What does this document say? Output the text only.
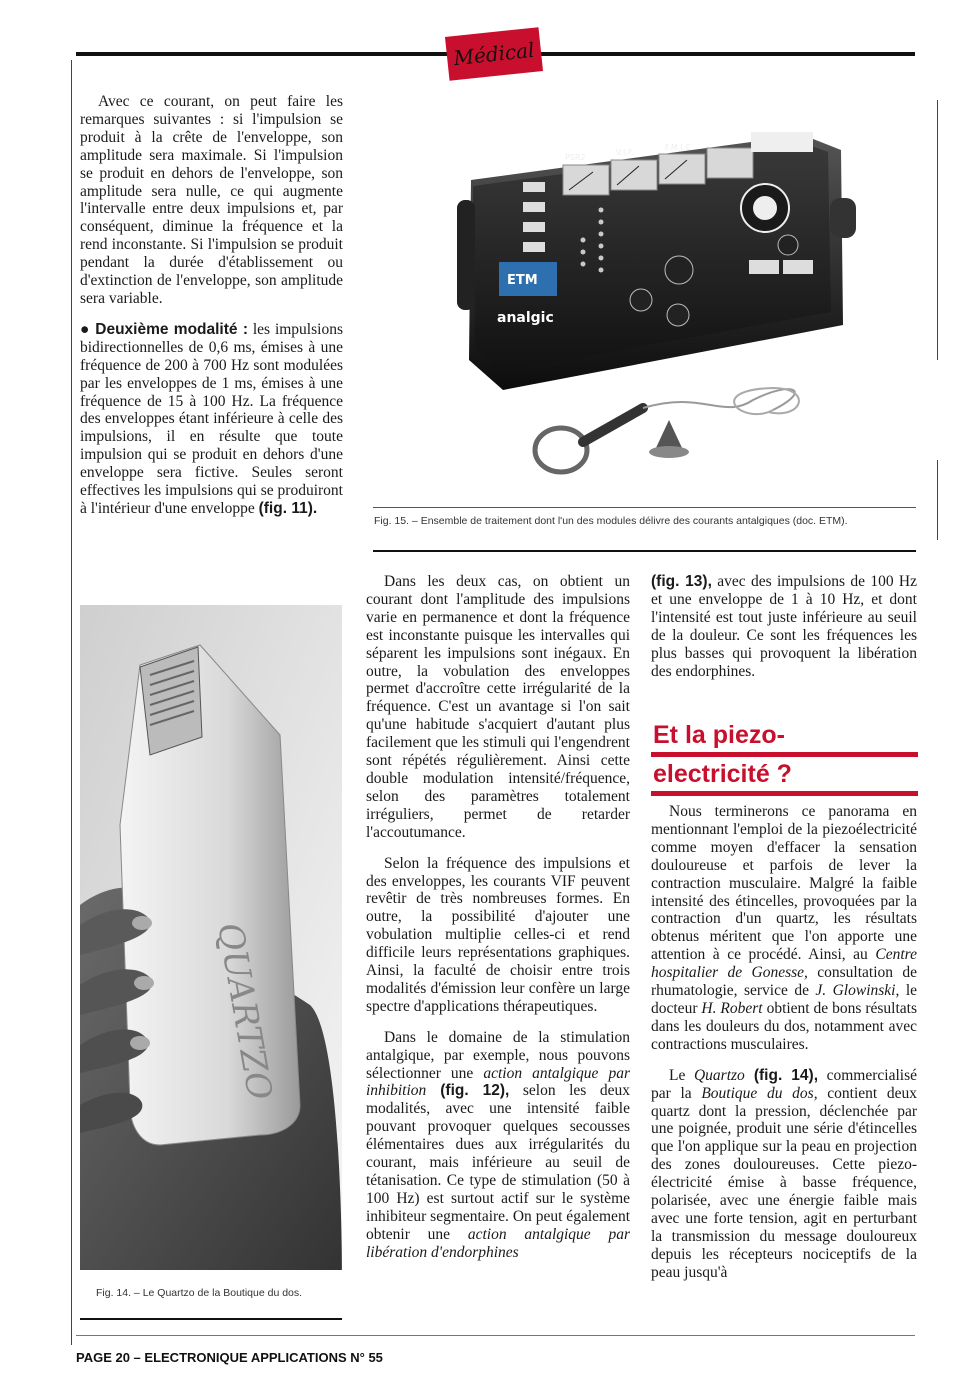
Médical

Avec ce courant, on peut faire les remarques suivantes : si l'impulsion se produit à la crête de l'enveloppe, son amplitude sera maximale. Si l'impulsion se produit en dehors de l'enveloppe, son amplitude sera nulle, ce qui augmente l'intervalle entre deux impulsions et, par conséquent, diminue la fréquence et la rend inconstante. Si l'impulsion se produit pendant la durée d'établissement ou d'extinction de l'enveloppe, son amplitude sera variable.

● Deuxième modalité : les impulsions bidirectionnelles de 0,6 ms, émises à une fréquence de 200 à 700 Hz sont modulées par les enveloppes de 1 ms, émises à une fréquence de 15 à 100 Hz. La fréquence des enveloppes étant inférieure à celle des impulsions, il en résulte que toute impulsion qui se produit en dehors d'une enveloppe sera fictive. Seules seront effectives les impulsions qui se produiront à l'intérieur d'une enveloppe (fig. 11).

PSR2
V.I.F.
F.M.I.C.
ETM
analgic
Fig. 15. – Ensemble de traitement dont l'un des modules délivre des courants antalgiques (doc. ETM).
QUARTZO
Fig. 14. – Le Quartzo de la Boutique du dos.

Dans les deux cas, on obtient un courant dont l'amplitude des impulsions varie en permanence et dont la fréquence est inconstante puisque les intervalles qui séparent les impulsions sont inégaux. En outre, la vobulation des enveloppes permet d'accroître cette irrégularité de la fréquence. C'est un avantage si l'on sait qu'une habitude s'acquiert d'autant plus facilement que les stimuli qui l'engendrent sont répétés régulièrement. Ainsi cette double modulation intensité/fréquence, selon des paramètres totalement irréguliers, permet de retarder l'accoutumance.

Selon la fréquence des impulsions et des enveloppes, les courants VIF peuvent revêtir de très nombreuses formes. En outre, la possibilité d'ajouter une vobulation multiplie celles-ci et rend difficile leurs représentations graphiques. Ainsi, la faculté de choisir entre trois modalités d'émission leur confère un large spectre d'applications thérapeutiques.

Dans le domaine de la stimulation antalgique, par exemple, nous pouvons sélectionner une action antalgique par inhibition (fig. 12), selon les deux modalités, avec une intensité faible pouvant provoquer quelques secousses élémentaires dues aux irrégularités du courant, mais inférieure au seuil de tétanisation. Ce type de stimulation (50 à 100 Hz) est surtout actif sur le système inhibiteur segmentaire. On peut également obtenir une action antalgique par libération d'endorphines

(fig. 13), avec des impulsions de 100 Hz et une enveloppe de 1 à 10 Hz, et dont l'intensité est tout juste inférieure au seuil de la douleur. Ce sont les fréquences les plus basses qui provoquent la libération des endorphines.

Et la piezo-
electricité ?

Nous terminerons ce panorama en mentionnant l'emploi de la piezoélectricité comme moyen d'effacer la sensation douloureuse et parfois de lever la contraction musculaire. Malgré la faible intensité des étincelles, provoquées par la contraction d'un quartz, les résultats obtenus méritent que l'on apporte une attention à ce procédé. Ainsi, au Centre hospitalier de Gonesse, consultation de rhumatologie, service de J. Glowinski, le docteur H. Robert obtient de bons résultats dans les douleurs du dos, notamment avec contractions musculaires.

Le Quartzo (fig. 14), commercialisé par la Boutique du dos, contient deux quartz dont la pression, déclenchée par une poignée, produit une série d'étincelles que l'on applique sur la peau en projection des zones douloureuses. Cette piezo-électricité émise à basse fréquence, polarisée, avec une énergie faible mais avec une forte tension, agit en perturbant la transmission du message douloureux depuis les récepteurs nociceptifs de la peau jusqu'à

PAGE 20 – ELECTRONIQUE APPLICATIONS N° 55
